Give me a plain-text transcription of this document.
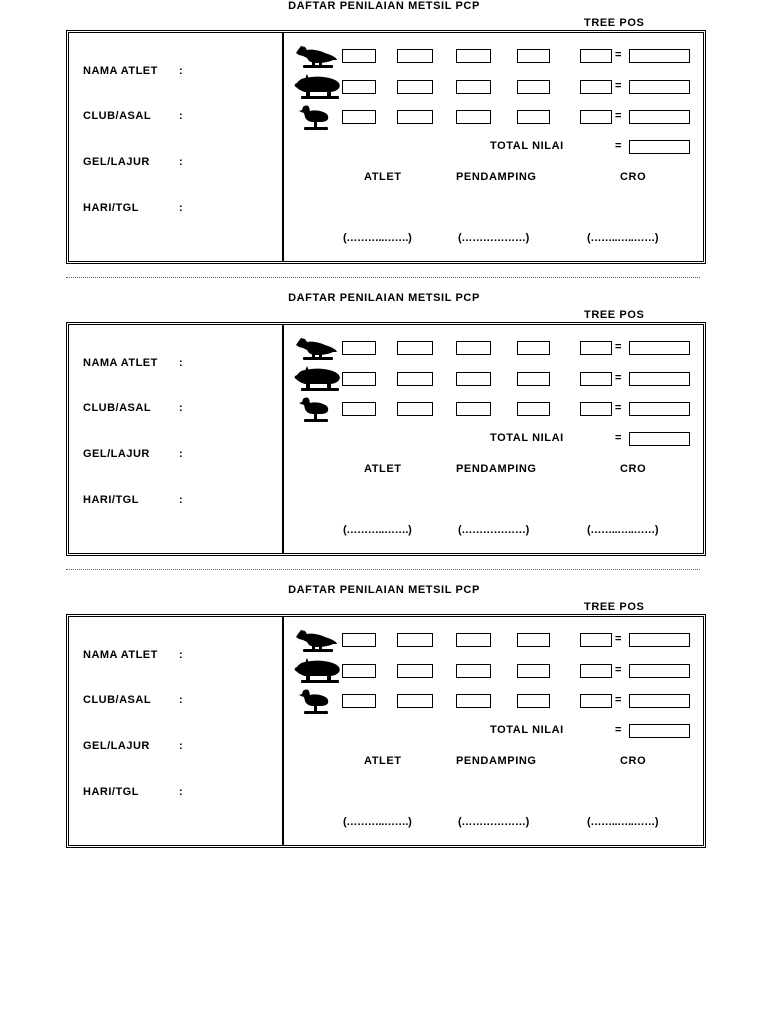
DAFTAR PENILAIAN METSIL PCP
TREE POS
NAMA ATLET :
CLUB/ASAL	:
GEL/LAJUR	:
HARI/TGL	:
=
=
=
TOTAL NILAI	=
ATLET	PENDAMPING	CRO
(………..…….)	(………………)	(……..…..……)
DAFTAR PENILAIAN METSIL PCP
TREE POS
NAMA ATLET :
CLUB/ASAL	:
GEL/LAJUR	:
HARI/TGL	:
=
=
=
TOTAL NILAI	=
ATLET	PENDAMPING	CRO
(………..…….)	(………………)	(……..…..……)
DAFTAR PENILAIAN METSIL PCP
TREE POS
NAMA ATLET :
CLUB/ASAL	:
GEL/LAJUR	:
HARI/TGL	:
=
=
=
TOTAL NILAI	=
ATLET	PENDAMPING	CRO
(………..…….)	(………………)	(……..…..……)
